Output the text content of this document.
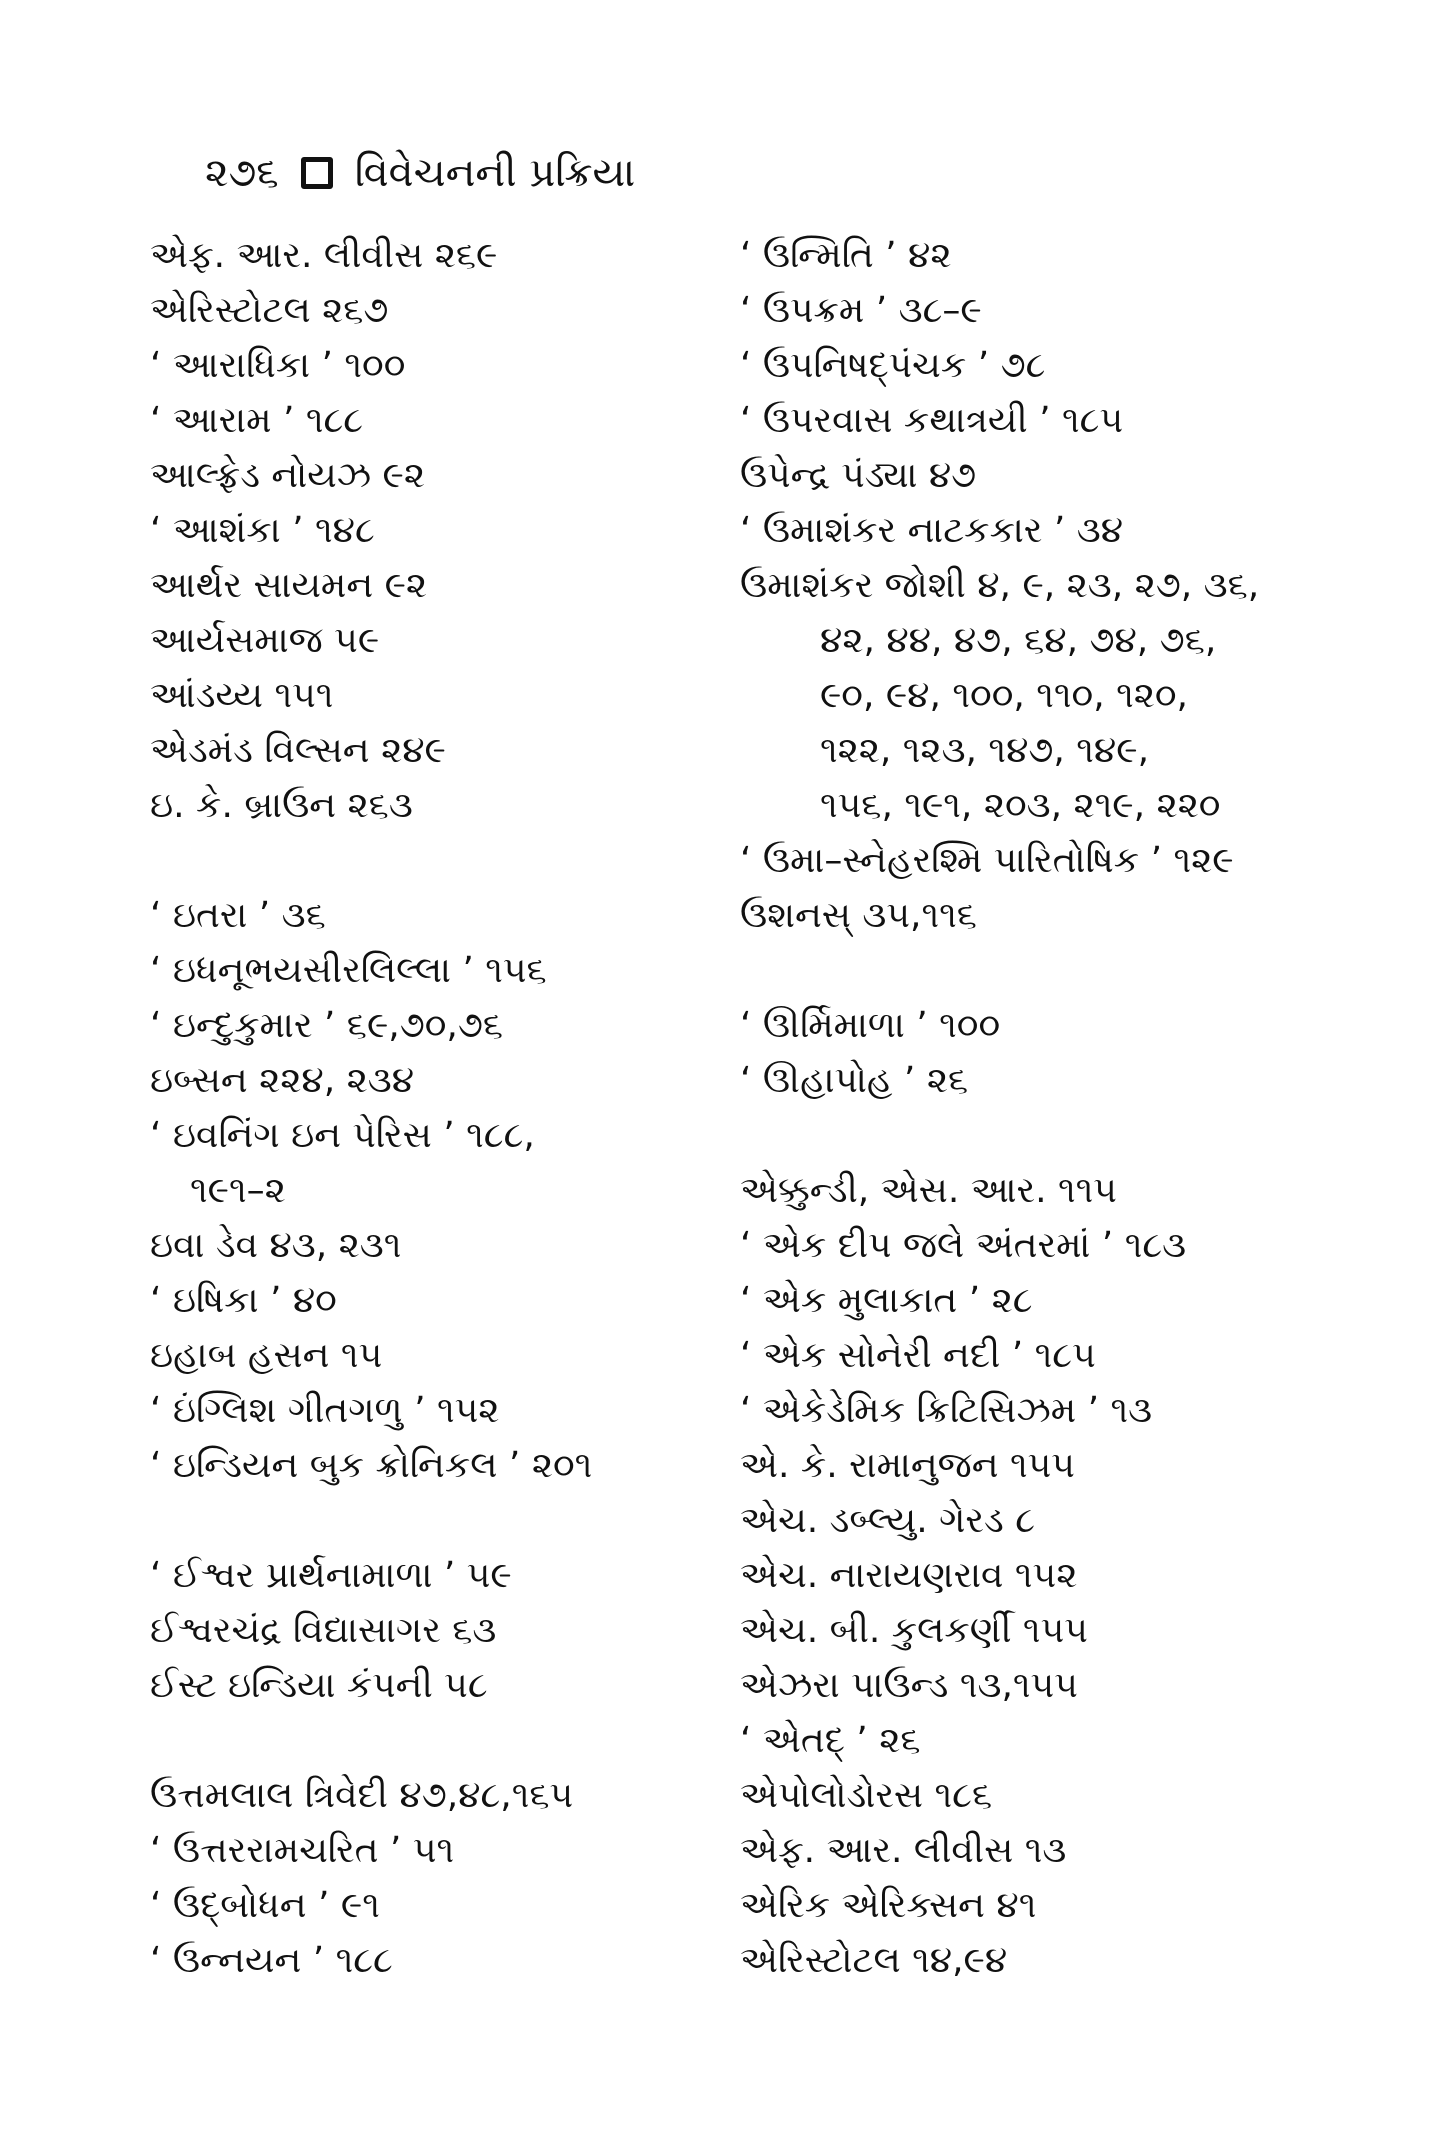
૨૭૬ વિવેચનની પ્રક્રિયા
એફ. આર. લીવીસ ૨૬૯
એરિસ્ટોટલ ૨૬૭
‘ આરાધિકા ’ ૧૦૦
‘ આરામ ’ ૧૮૮
આલ્ફ્રેડ નોયઝ ૯૨
‘ આશંકા ’ ૧૪૮
આર્થર સાયમન ૯૨
આર્યસમાજ ૫૯
આંડય્ય ૧૫૧
એડમંડ વિલ્સન ૨૪૯
ઇ. કે. બ્રાઉન ૨૬૩
‘ ઇતરા ’ ૩૬
‘ ઇધનૂભયસીરલિલ્લા ’ ૧૫૬
‘ ઇન્દુકુમાર ’ ૬૯,૭૦,૭૬
ઇબ્સન ૨૨૪, ૨૩૪
‘ ઇવનિંગ ઇન પેરિસ ’ ૧૮૮,
૧૯૧–૨
ઇવા ડેવ ૪૩, ૨૩૧
‘ ઇષિકા ’ ૪૦
ઇહાબ હસન ૧૫
‘ ઇંગ્લિશ ગીતગળુ ’ ૧૫૨
‘ ઇન્ડિયન બુક ક્રોનિકલ ’ ૨૦૧
‘ ઈશ્વર પ્રાર્થનામાળા ’ ૫૯
ઈશ્વરચંદ્ર વિદ્યાસાગર ૬૩
ઈસ્ટ ઇન્ડિયા કંપની ૫૮
ઉત્તમલાલ ત્રિવેદી ૪૭,૪૮,૧૬૫
‘ ઉત્તરરામચરિત ’ ૫૧
‘ ઉદ્બોધન ’ ૯૧
‘ ઉન્નયન ’ ૧૮૮
‘ ઉન્મિતિ ’ ૪૨
‘ ઉપક્રમ ’ ૩૮–૯
‘ ઉપનિષદ્પંચક ’ ૭૮
‘ ઉપરવાસ કથાત્રયી ’ ૧૮૫
ઉપેન્દ્ર પંડ્યા ૪૭
‘ ઉમાશંકર નાટકકાર ’ ૩૪
ઉમાશંકર જોશી ૪, ૯, ૨૩, ૨૭, ૩૬,
૪૨, ૪૪, ૪૭, ૬૪, ૭૪, ૭૬,
૯૦, ૯૪, ૧૦૦, ૧૧૦, ૧૨૦,
૧૨૨, ૧૨૩, ૧૪૭, ૧૪૯,
૧૫૬, ૧૯૧, ૨૦૩, ૨૧૯, ૨૨૦
‘ ઉમા–સ્નેહરશ્મિ પારિતોષિક ’ ૧૨૯
ઉશનસ્ ૩૫,૧૧૬
‘ ઊર્મિમાળા ’ ૧૦૦
‘ ઊહાપોહ ’ ૨૬
એક્કુન્ડી, એસ. આર. ૧૧૫
‘ એક દીપ જલે અંતરમાં ’ ૧૮૩
‘ એક મુલાકાત ’ ૨૮
‘ એક સોનેરી નદી ’ ૧૮૫
‘ એકેડેમિક ક્રિટિસિઝમ ’ ૧૩
એ. કે. રામાનુજન ૧૫૫
એચ. ડબ્લ્યુ. ગેરડ ૮
એચ. નારાયણરાવ ૧૫૨
એચ. બી. કુલકર્ણી ૧૫૫
એઝરા પાઉન્ડ ૧૩,૧૫૫
‘ એતદ્ ’ ૨૬
એપોલોડોરસ ૧૮૬
એફ. આર. લીવીસ ૧૩
એરિક એરિક્સન ૪૧
એરિસ્ટોટલ ૧૪,૯૪
